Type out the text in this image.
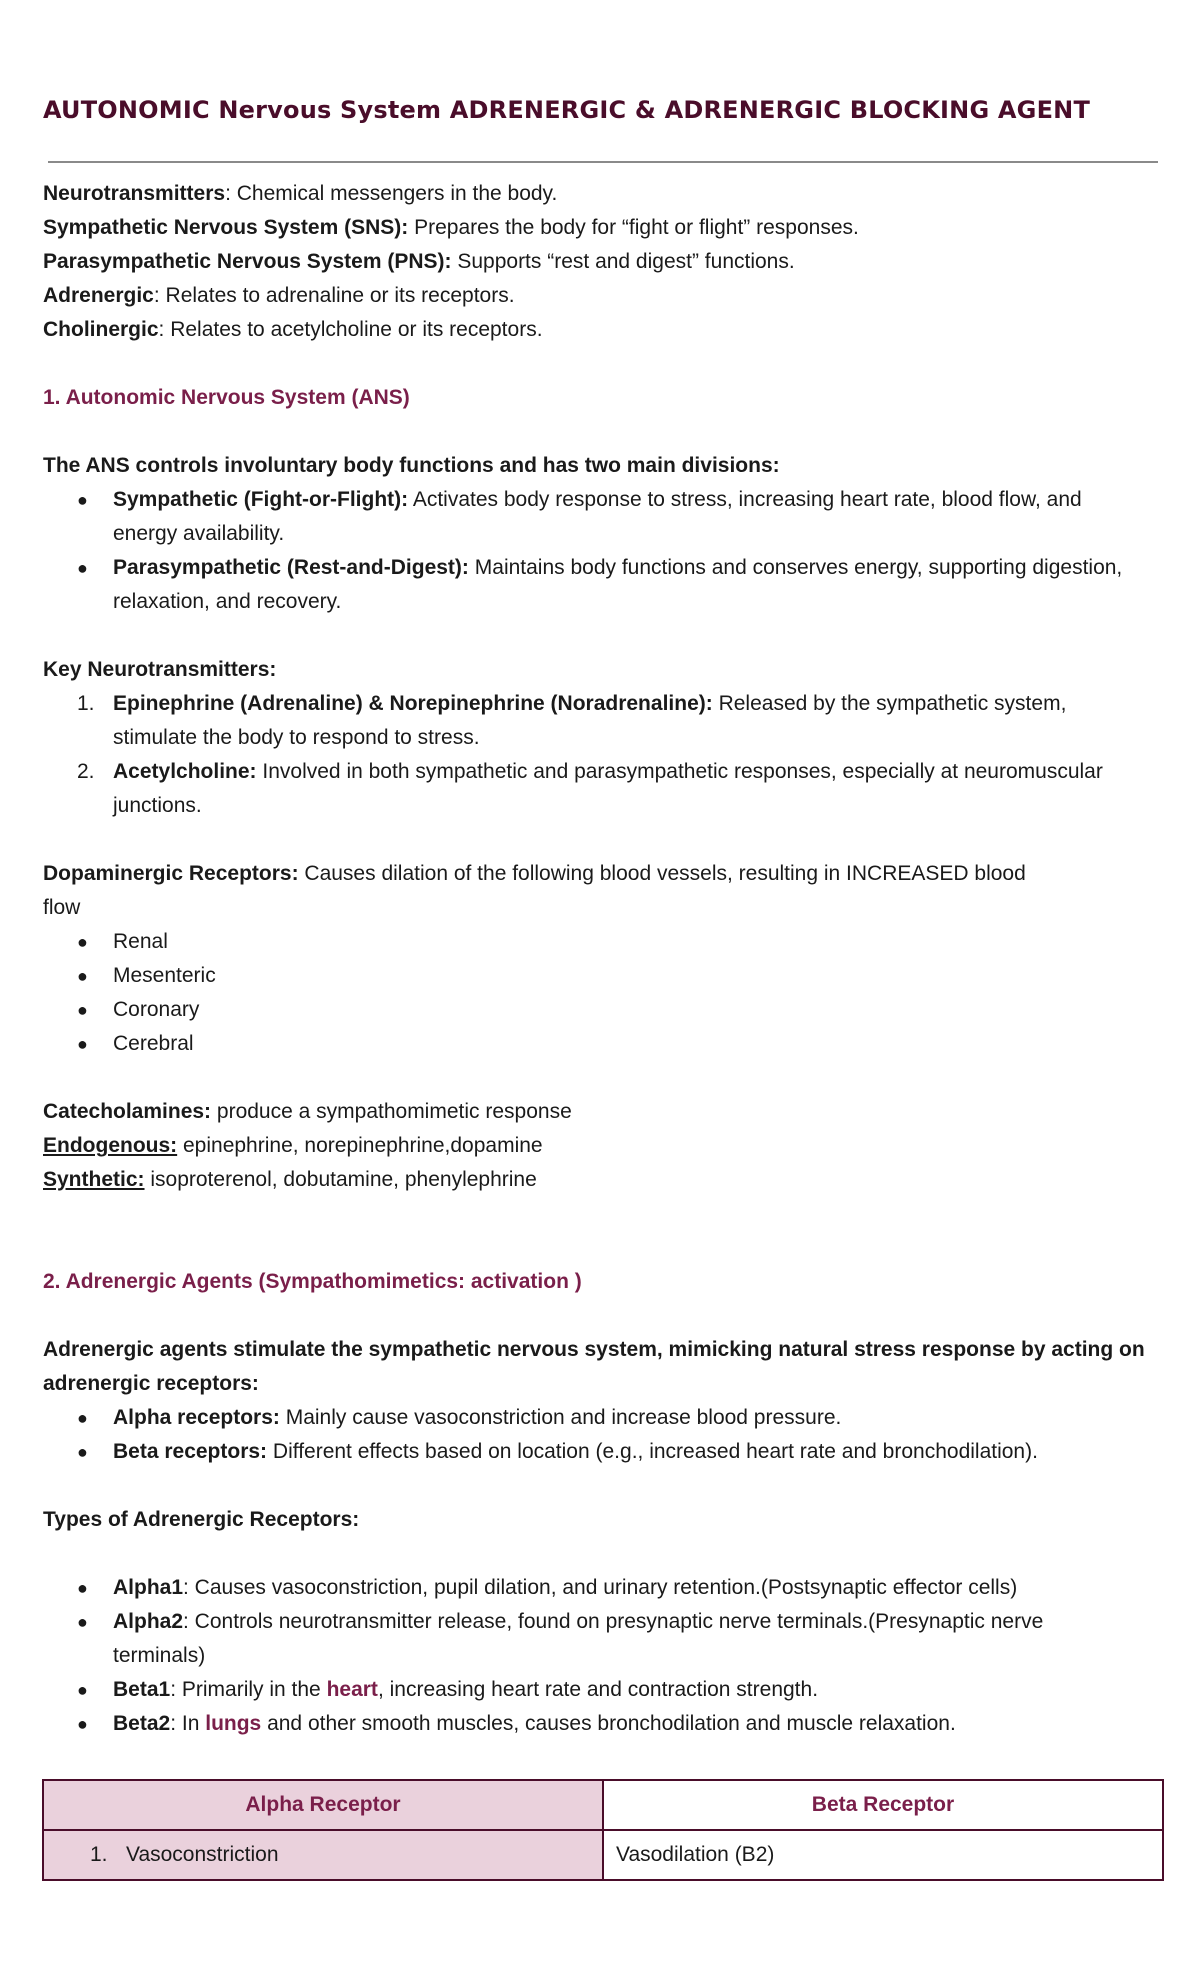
AUTONOMIC Nervous System ADRENERGIC & ADRENERGIC BLOCKING AGENT
Neurotransmitters: Chemical messengers in the body.
Sympathetic Nervous System (SNS): Prepares the body for “fight or flight” responses.
Parasympathetic Nervous System (PNS): Supports “rest and digest” functions.
Adrenergic: Relates to adrenaline or its receptors.
Cholinergic: Relates to acetylcholine or its receptors.
1. Autonomic Nervous System (ANS)
The ANS controls involuntary body functions and has two main divisions:
● Sympathetic (Fight-or-Flight): Activates body response to stress, increasing heart rate, blood flow, and
energy availability.
● Parasympathetic (Rest-and-Digest): Maintains body functions and conserves energy, supporting digestion,
relaxation, and recovery.
Key Neurotransmitters:
1. Epinephrine (Adrenaline) & Norepinephrine (Noradrenaline): Released by the sympathetic system,
stimulate the body to respond to stress.
2. Acetylcholine: Involved in both sympathetic and parasympathetic responses, especially at neuromuscular
junctions.
Dopaminergic Receptors: Causes dilation of the following blood vessels, resulting in INCREASED blood
flow
● Renal
● Mesenteric
● Coronary
● Cerebral
Catecholamines: produce a sympathomimetic response
Endogenous: epinephrine, norepinephrine,dopamine
Synthetic: isoproterenol, dobutamine, phenylephrine
2. Adrenergic Agents (Sympathomimetics: activation )
Adrenergic agents stimulate the sympathetic nervous system, mimicking natural stress response by acting on
adrenergic receptors:
● Alpha receptors: Mainly cause vasoconstriction and increase blood pressure.
● Beta receptors: Different effects based on location (e.g., increased heart rate and bronchodilation).
Types of Adrenergic Receptors:
● Alpha1: Causes vasoconstriction, pupil dilation, and urinary retention.(Postsynaptic effector cells)
● Alpha2: Controls neurotransmitter release, found on presynaptic nerve terminals.(Presynaptic nerve
terminals)
● Beta1: Primarily in the heart, increasing heart rate and contraction strength.
● Beta2: In lungs and other smooth muscles, causes bronchodilation and muscle relaxation.
Alpha Receptor	Beta Receptor
1. Vasoconstriction	Vasodilation (B2)
